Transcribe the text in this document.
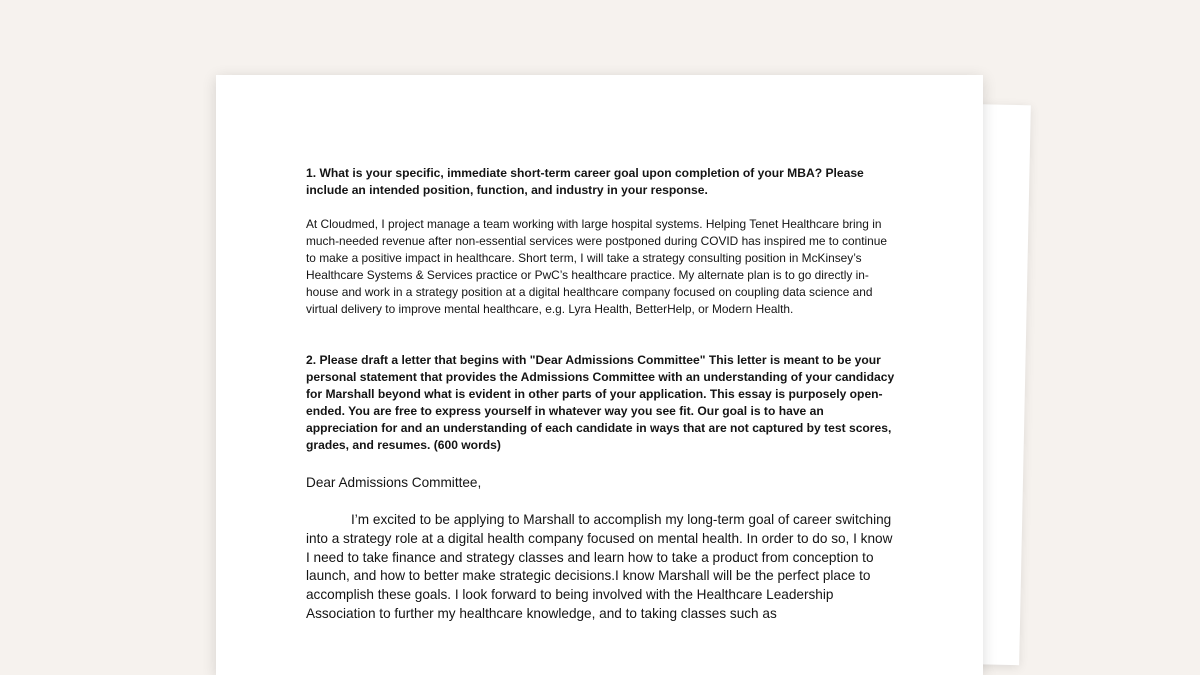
1. What is your specific, immediate short-term career goal upon completion of your MBA? Please include an intended position, function, and industry in your response.

At Cloudmed, I project manage a team working with large hospital systems. Helping Tenet Healthcare bring in much-needed revenue after non-essential services were postponed during COVID has inspired me to continue to make a positive impact in healthcare. Short term, I will take a strategy consulting position in McKinsey’s Healthcare Systems & Services practice or PwC’s healthcare practice. My alternate plan is to go directly in-house and work in a strategy position at a digital healthcare company focused on coupling data science and virtual delivery to improve mental healthcare, e.g. Lyra Health, BetterHelp, or Modern Health.

2. Please draft a letter that begins with "Dear Admissions Committee" This letter is meant to be your personal statement that provides the Admissions Committee with an understanding of your candidacy for Marshall beyond what is evident in other parts of your application. This essay is purposely open-ended. You are free to express yourself in whatever way you see fit. Our goal is to have an appreciation for and an understanding of each candidate in ways that are not captured by test scores, grades, and resumes. (600 words)

Dear Admissions Committee,

I’m excited to be applying to Marshall to accomplish my long-term goal of career switching into a strategy role at a digital health company focused on mental health. In order to do so, I know I need to take finance and strategy classes and learn how to take a product from conception to launch, and how to better make strategic decisions.I know Marshall will be the perfect place to accomplish these goals. I look forward to being involved with the Healthcare Leadership Association to further my healthcare knowledge, and to taking classes such as
